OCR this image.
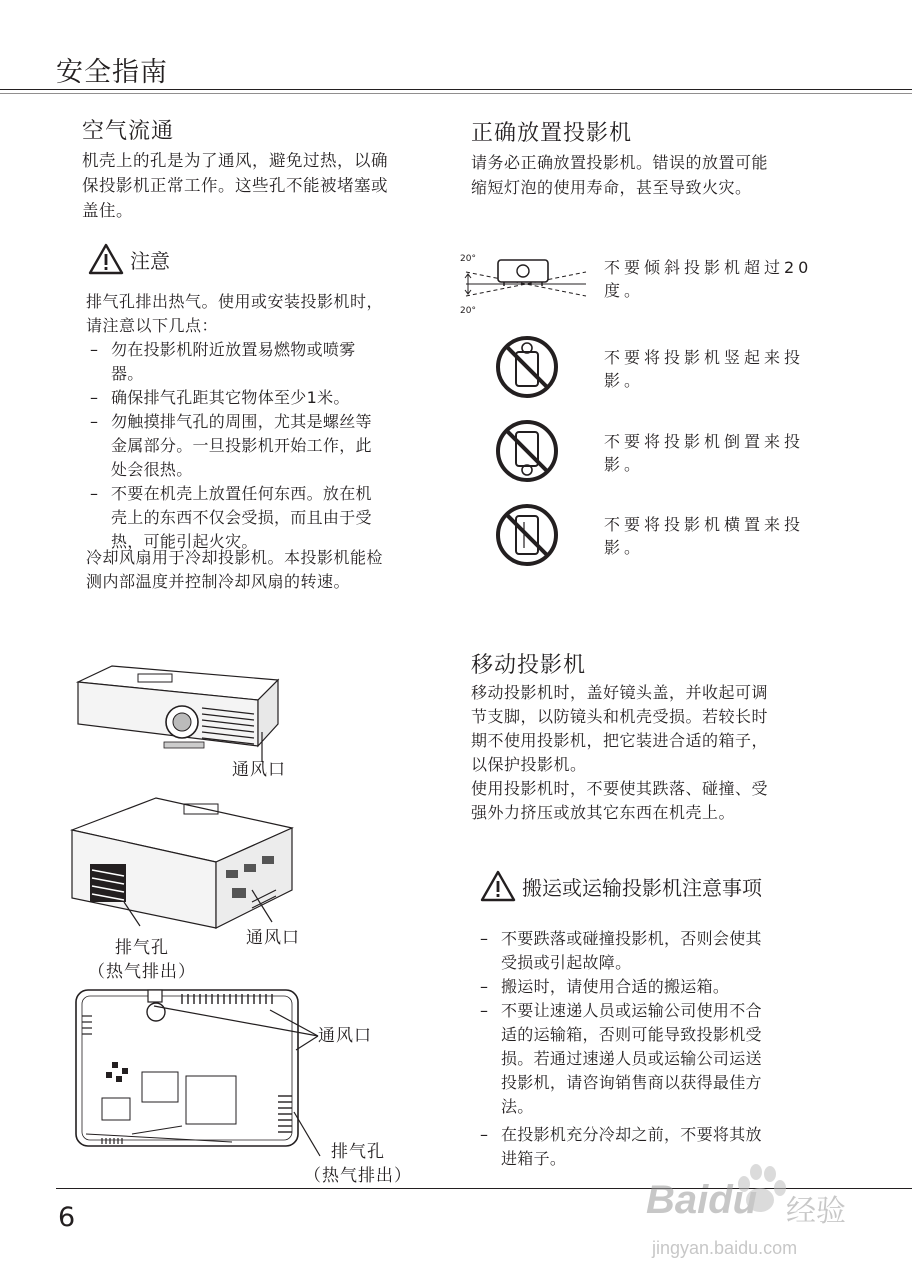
安全指南
空气流通
机壳上的孔是为了通风，避免过热，以确
保投影机正常工作。这些孔不能被堵塞或
盖住。
注意
排气孔排出热气。使用或安装投影机时，
请注意以下几点：
– 勿在投影机附近放置易燃物或喷雾
器。
– 确保排气孔距其它物体至少1米。
– 勿触摸排气孔的周围，尤其是螺丝等
金属部分。一旦投影机开始工作，此
处会很热。
– 不要在机壳上放置任何东西。放在机
壳上的东西不仅会受损，而且由于受
热，可能引起火灾。
冷却风扇用于冷却投影机。本投影机能检
测内部温度并控制冷却风扇的转速。
正确放置投影机
请务必正确放置投影机。错误的放置可能
缩短灯泡的使用寿命，甚至导致火灾。
20°
20°
不要倾斜投影机超过20
度。
不要将投影机竖起来投
影。
不要将投影机倒置来投
影。
不要将投影机横置来投
影。
通风口
通风口
排气孔
（热气排出）
通风口
排气孔
（热气排出）
移动投影机
移动投影机时，盖好镜头盖，并收起可调
节支脚，以防镜头和机壳受损。若较长时
期不使用投影机，把它装进合适的箱子，
以保护投影机。
使用投影机时，不要使其跌落、碰撞、受
强外力挤压或放其它东西在机壳上。
搬运或运输投影机注意事项
– 不要跌落或碰撞投影机，否则会使其
受损或引起故障。
– 搬运时，请使用合适的搬运箱。
– 不要让速递人员或运输公司使用不合
适的运输箱，否则可能导致投影机受
损。若通过速递人员或运输公司运送
投影机，请咨询销售商以获得最佳方
法。
– 在投影机充分冷却之前，不要将其放
进箱子。
6	Baidu 经验
jingyan.baidu.com
